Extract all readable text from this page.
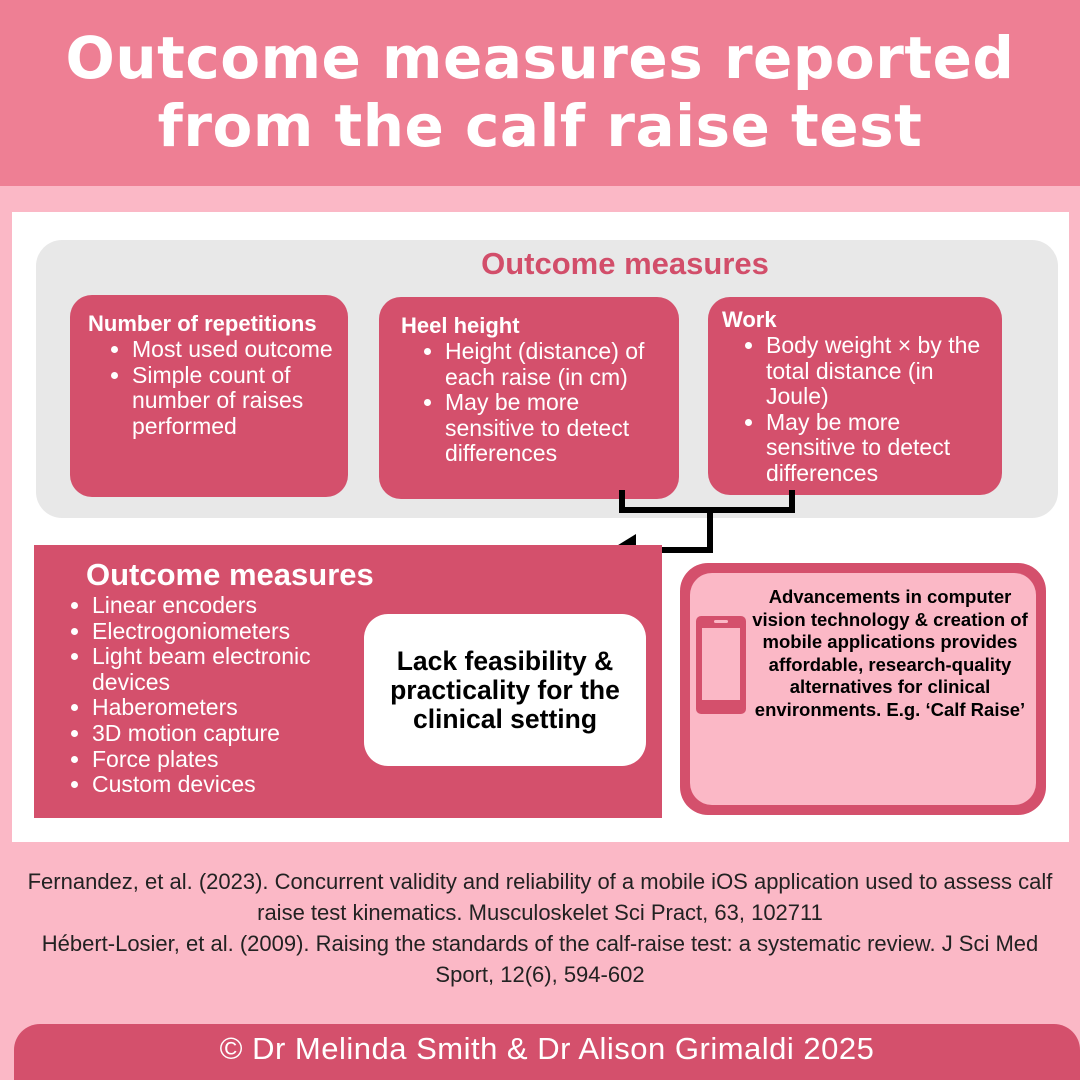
Outcome measures reported from the calf raise test
Outcome measures
Number of repetitions
• Most used outcome
• Simple count of number of raises performed
Heel height
• Height (distance) of each raise (in cm)
• May be more sensitive to detect differences
Work
• Body weight × by the total distance (in Joule)
• May be more sensitive to detect differences
Outcome measures
• Linear encoders
• Electrogoniometers
• Light beam electronic devices
• Haberometers
• 3D motion capture
• Force plates
• Custom devices
Lack feasibility & practicality for the clinical setting
Advancements in computer vision technology & creation of mobile applications provides affordable, research-quality alternatives for clinical environments. E.g. ‘Calf Raise’

Fernandez, et al. (2023). Concurrent validity and reliability of a mobile iOS application used to assess calf raise test kinematics. Musculoskelet Sci Pract, 63, 102711

Hébert-Losier, et al. (2009). Raising the standards of the calf-raise test: a systematic review. J Sci Med Sport, 12(6), 594-602

© Dr Melinda Smith & Dr Alison Grimaldi 2025
